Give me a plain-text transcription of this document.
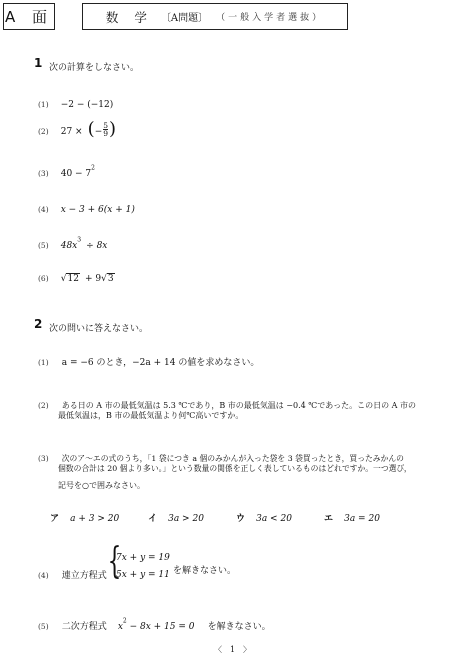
A 面	数 学 〔A問題〕 （一般入学者選抜）
1 次の計算をしなさい。
(1) −2 − (−12)
(2) 27 × (− $\frac{5}{9}$ )
(3) $40 - 7^2$
(4) x − 3 + 6(x + 1)
(5) $48x^3 \div 8x$
(6) √12 + 9√3
2 次の問いに答えなさい。
(1) a = −6 のとき，−2a + 14 の値を求めなさい。
(2) ある日の A 市の最低気温は 5.3 ℃であり，B 市の最低気温は −0.4 ℃であった。この日の A 市の
最低気温は，B 市の最低気温より何℃高いですか。
(3) 次のア～エの式のうち，「1 袋につき a 個のみかんが入った袋を 3 袋買ったとき，買ったみかんの
個数の合計は 20 個より多い。」という数量の関係を正しく表しているものはどれですか。一つ選び，
記号を○で囲みなさい。
ア a + 3 > 20	イ 3a > 20	ウ 3a < 20	エ 3a = 20
(4) 連立方程式 {
7x + y = 19
5x + y = 11 を解きなさい。
(5) 二次方程式 $x^2 - 8x + 15 = 0$ を解きなさい。
〈　1　〉
